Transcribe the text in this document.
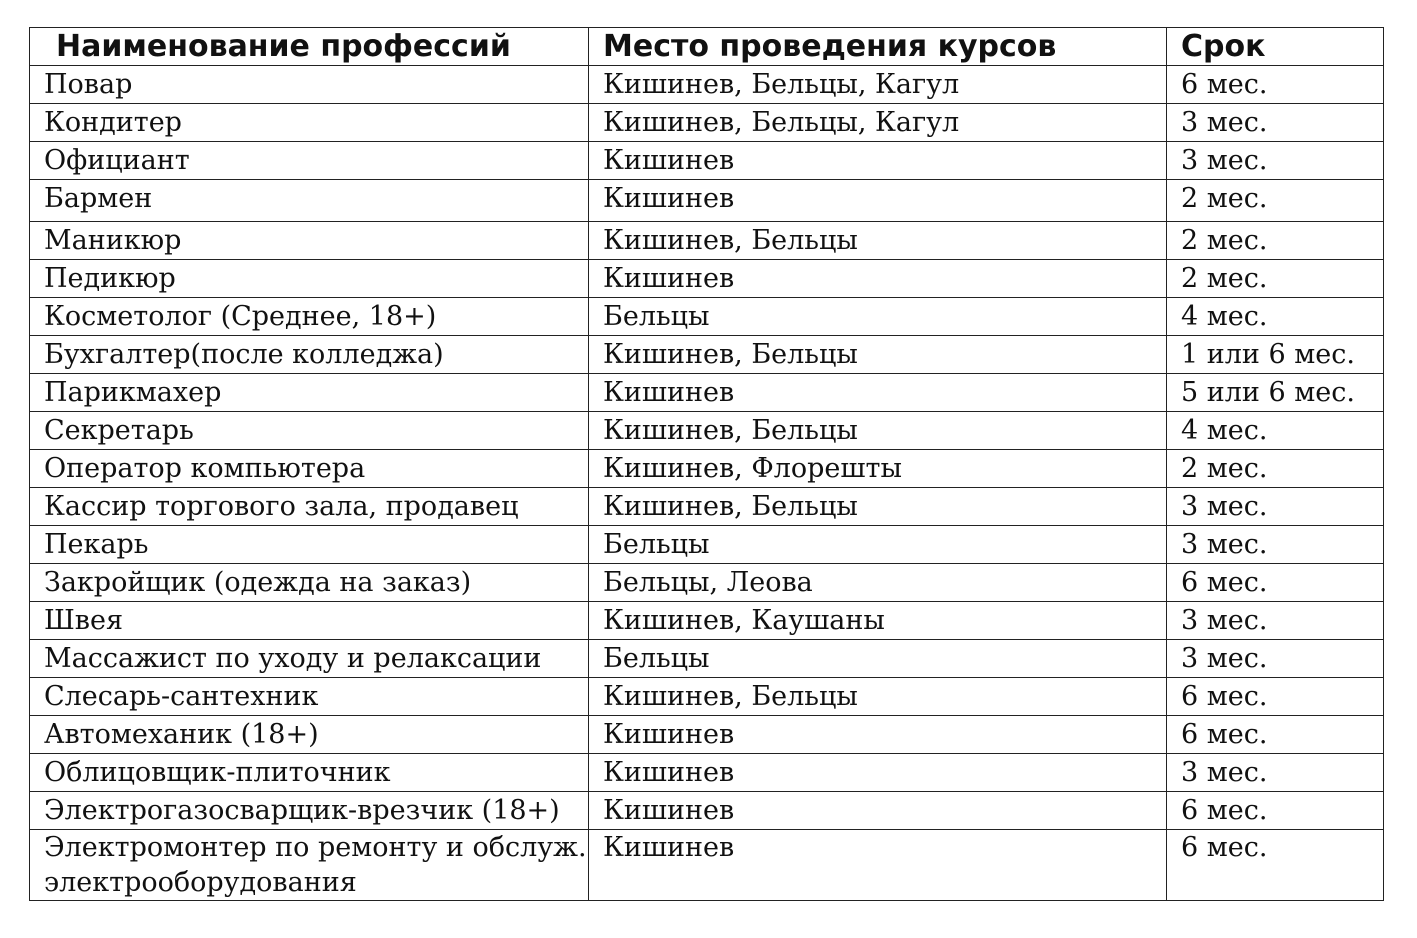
Наименование профессий	Место проведения курсов	Срок
Повар	Кишинев, Бельцы, Кагул	6 мес.
Кондитер	Кишинев, Бельцы, Кагул	3 мес.
Официант	Кишинев	3 мес.
Бармен	Кишинев	2 мес.
Маникюр	Кишинев, Бельцы	2 мес.
Педикюр	Кишинев	2 мес.
Косметолог (Среднее, 18+)	Бельцы	4 мес.
Бухгалтер(после колледжа)	Кишинев, Бельцы	1 или 6 мес.
Парикмахер	Кишинев	5 или 6 мес.
Секретарь	Кишинев, Бельцы	4 мес.
Оператор компьютера	Кишинев, Флорешты	2 мес.
Кассир торгового зала, продавец	Кишинев, Бельцы	3 мес.
Пекарь	Бельцы	3 мес.
Закройщик (одежда на заказ)	Бельцы, Леова	6 мес.
Швея	Кишинев, Каушаны	3 мес.
Массажист по уходу и релаксации	Бельцы	3 мес.
Слесарь-сантехник	Кишинев, Бельцы	6 мес.
Автомеханик (18+)	Кишинев	6 мес.
Облицовщик-плиточник	Кишинев	3 мес.
Электрогазосварщик-врезчик (18+)	Кишинев	6 мес.
Электромонтер по ремонту и обслуж. электрооборудования	Кишинев	6 мес.
